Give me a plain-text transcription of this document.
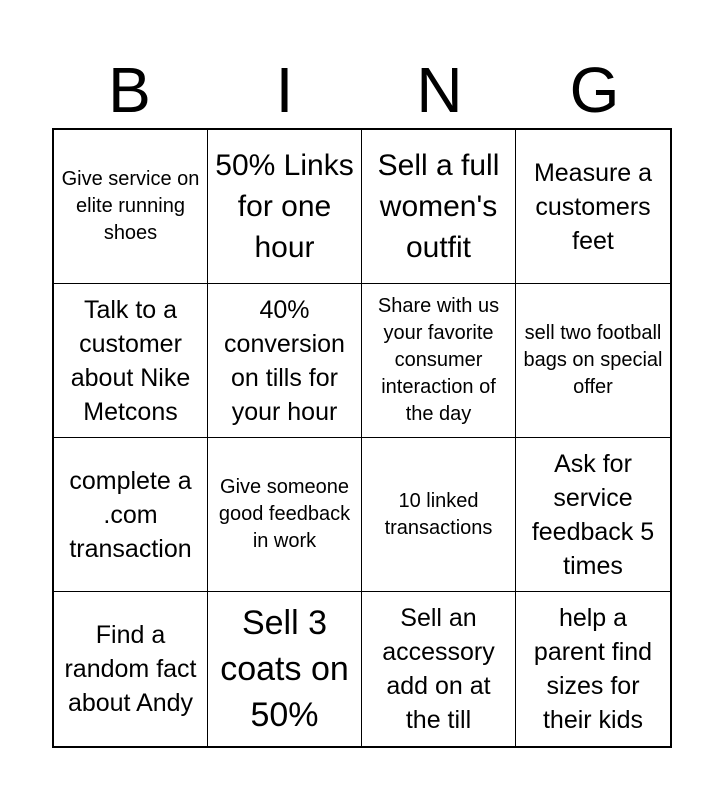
B	I	N	G
Give service on elite running shoes
50% Links for one hour
Sell a full women's outfit
Measure a customers feet
Talk to a customer about Nike Metcons
40% conversion on tills for your hour
Share with us your favorite consumer interaction of the day
sell two football bags on special offer
complete a .com transaction
Give someone good feedback in work
10 linked transactions
Ask for service feedback 5 times
Find a random fact about Andy
Sell 3 coats on 50%
Sell an accessory add on at the till
help a parent find sizes for their kids
